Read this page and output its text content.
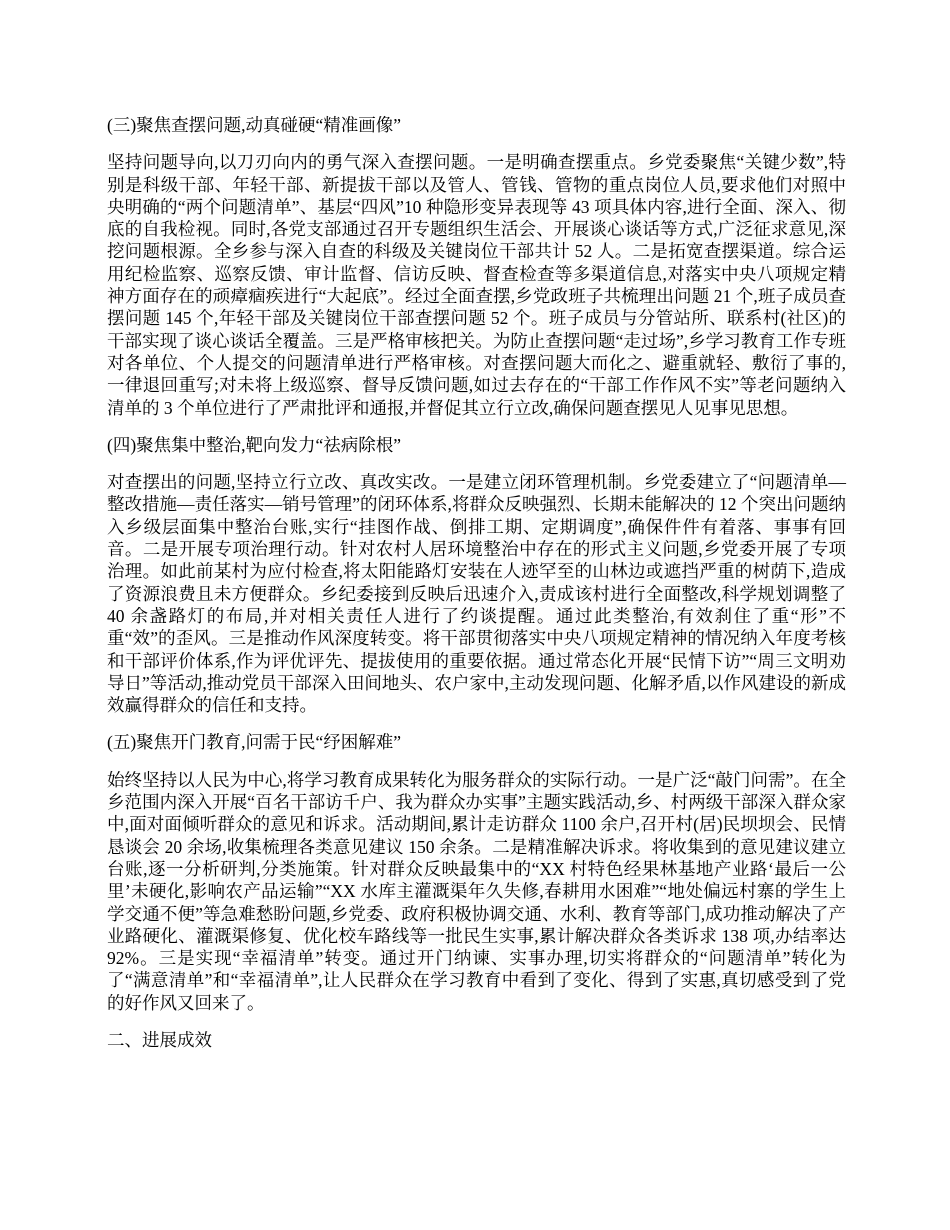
(三)聚焦查摆问题,动真碰硬“精准画像”

坚持问题导向,以刀刃向内的勇气深入查摆问题。一是明确查摆重点。乡党委聚焦“关键少数”,特别是科级干部、年轻干部、新提拔干部以及管人、管钱、管物的重点岗位人员,要求他们对照中央明确的“两个问题清单”、基层“四风”10 种隐形变异表现等 43 项具体内容,进行全面、深入、彻底的自我检视。同时,各党支部通过召开专题组织生活会、开展谈心谈话等方式,广泛征求意见,深挖问题根源。全乡参与深入自查的科级及关键岗位干部共计 52 人。二是拓宽查摆渠道。综合运用纪检监察、巡察反馈、审计监督、信访反映、督查检查等多渠道信息,对落实中央八项规定精神方面存在的顽瘴痼疾进行“大起底”。经过全面查摆,乡党政班子共梳理出问题 21 个,班子成员查摆问题 145 个,年轻干部及关键岗位干部查摆问题 52 个。班子成员与分管站所、联系村(社区)的干部实现了谈心谈话全覆盖。三是严格审核把关。为防止查摆问题“走过场”,乡学习教育工作专班对各单位、个人提交的问题清单进行严格审核。对查摆问题大而化之、避重就轻、敷衍了事的,一律退回重写;对未将上级巡察、督导反馈问题,如过去存在的“干部工作作风不实”等老问题纳入清单的 3 个单位进行了严肃批评和通报,并督促其立行立改,确保问题查摆见人见事见思想。

(四)聚焦集中整治,靶向发力“祛病除根”

对查摆出的问题,坚持立行立改、真改实改。一是建立闭环管理机制。乡党委建立了“问题清单—整改措施—责任落实—销号管理”的闭环体系,将群众反映强烈、长期未能解决的 12 个突出问题纳入乡级层面集中整治台账,实行“挂图作战、倒排工期、定期调度”,确保件件有着落、事事有回音。二是开展专项治理行动。针对农村人居环境整治中存在的形式主义问题,乡党委开展了专项治理。如此前某村为应付检查,将太阳能路灯安装在人迹罕至的山林边或遮挡严重的树荫下,造成了资源浪费且未方便群众。乡纪委接到反映后迅速介入,责成该村进行全面整改,科学规划调整了 40 余盏路灯的布局,并对相关责任人进行了约谈提醒。通过此类整治,有效刹住了重“形”不重“效”的歪风。三是推动作风深度转变。将干部贯彻落实中央八项规定精神的情况纳入年度考核和干部评价体系,作为评优评先、提拔使用的重要依据。通过常态化开展“民情下访”“周三文明劝导日”等活动,推动党员干部深入田间地头、农户家中,主动发现问题、化解矛盾,以作风建设的新成效赢得群众的信任和支持。

(五)聚焦开门教育,问需于民“纾困解难”

始终坚持以人民为中心,将学习教育成果转化为服务群众的实际行动。一是广泛“敲门问需”。在全乡范围内深入开展“百名干部访千户、我为群众办实事”主题实践活动,乡、村两级干部深入群众家中,面对面倾听群众的意见和诉求。活动期间,累计走访群众 1100 余户,召开村(居)民坝坝会、民情恳谈会 20 余场,收集梳理各类意见建议 150 余条。二是精准解决诉求。将收集到的意见建议建立台账,逐一分析研判,分类施策。针对群众反映最集中的“XX 村特色经果林基地产业路‘最后一公里’未硬化,影响农产品运输”“XX 水库主灌溉渠年久失修,春耕用水困难”“地处偏远村寨的学生上学交通不便”等急难愁盼问题,乡党委、政府积极协调交通、水利、教育等部门,成功推动解决了产业路硬化、灌溉渠修复、优化校车路线等一批民生实事,累计解决群众各类诉求 138 项,办结率达 92%。三是实现“幸福清单”转变。通过开门纳谏、实事办理,切实将群众的“问题清单”转化为了“满意清单”和“幸福清单”,让人民群众在学习教育中看到了变化、得到了实惠,真切感受到了党的好作风又回来了。

二、进展成效
